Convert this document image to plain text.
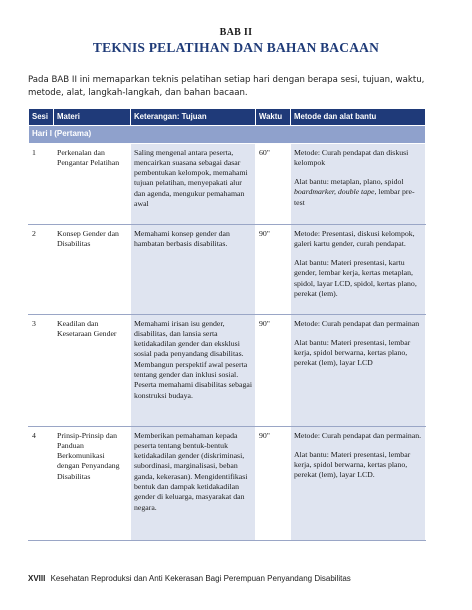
BAB II
TEKNIS PELATIHAN DAN BAHAN BACAAN
Pada BAB II ini memaparkan teknis pelatihan setiap hari dengan berapa sesi, tujuan, waktu, metode, alat, langkah-langkah, dan bahan bacaan.
Sesi	Materi	Keterangan: Tujuan	Waktu	Metode dan alat bantu
Hari I (Pertama)				
1	Perkenalan dan Pengantar Pelatihan	Saling mengenal antara peserta, mencairkan suasana sebagai dasar pembentukan kelompok, memahami tujuan pelatihan, menyepakati alur dan agenda, mengukur pemahaman awal	60"	Metode: Curah pendapat dan diskusi kelompok

Alat bantu: metaplan, plano, spidol boardmarker, double tape, lembar pre-test

2	Konsep Gender dan Disabilitas	Memahami konsep gender dan hambatan berbasis disabilitas.	90"	Metode: Presentasi, diskusi kelompok, galeri kartu gender, curah pendapat.

Alat bantu: Materi presentasi, kartu gender, lembar kerja, kertas metaplan, spidol, layar LCD, spidol, kertas plano, perekat (lem).

3	Keadilan dan Kesetaraan Gender	Memahami irisan isu gender, disabilitas, dan lansia serta ketidakadilan gender dan eksklusi sosial pada penyandang disabilitas. Membangun perspektif awal peserta tentang gender dan inklusi sosial. Peserta memahami disabilitas sebagai konstruksi budaya.	90"	Metode: Curah pendapat dan permainan

Alat bantu: Materi presentasi, lembar kerja, spidol berwarna, kertas plano, perekat (lem), layar LCD

4	Prinsip-Prinsip dan Panduan Berkomunikasi dengan Penyandang Disabilitas	Memberikan pemahaman kepada peserta tentang bentuk-bentuk ketidakadilan gender (diskriminasi, subordinasi, marginalisasi, beban ganda, kekerasan). Mengidentifikasi bentuk dan dampak ketidakadilan gender di keluarga, masyarakat dan negara.	90"	Metode: Curah pendapat dan permainan.

Alat bantu: Materi presentasi, lembar kerja, spidol berwarna, kertas plano, perekat (lem), layar LCD.

XVIII Kesehatan Reproduksi dan Anti Kekerasan Bagi Perempuan Penyandang Disabilitas
